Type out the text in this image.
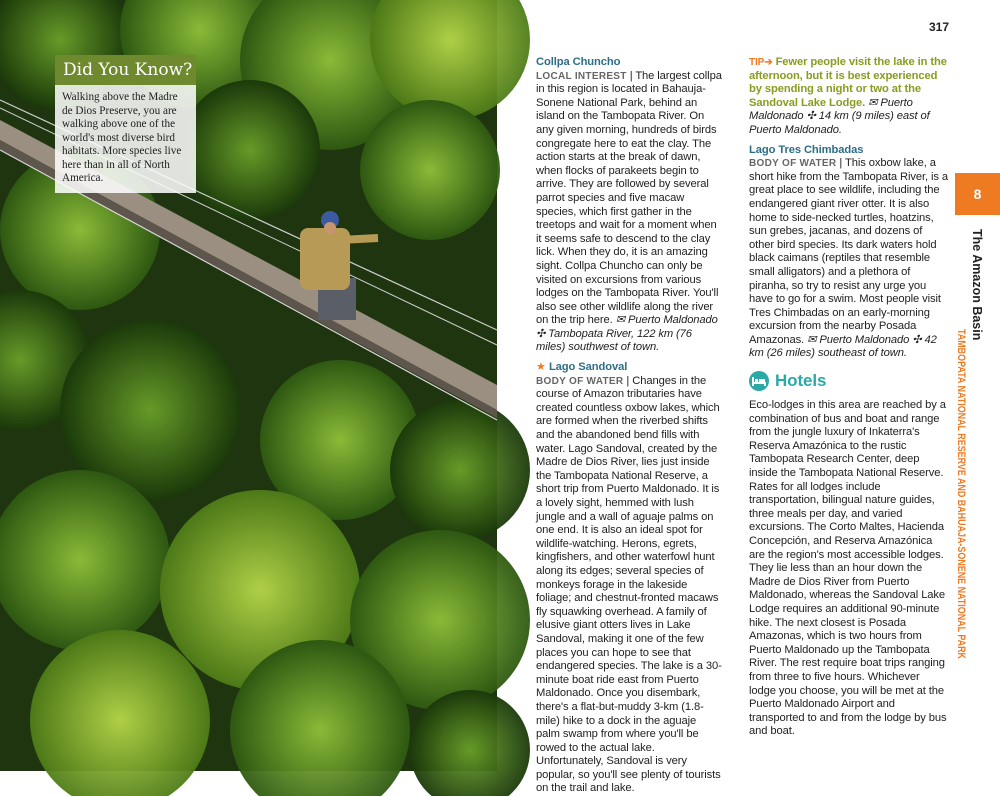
Did You Know?
Walking above the Madre de Dios Preserve, you are walking above one of the world's most diverse bird habitats. More species live here than in all of North America.
317
8
The Amazon Basin
TAMBOPATA NATIONAL RESERVE AND BAHUAJA-SONENE NATIONAL PARK

Collpa Chuncho

LOCAL INTEREST | The largest collpa in this region is located in Bahauja-Sonene National Park, behind an island on the Tambopata River. On any given morning, hundreds of birds congregate here to eat the clay. The action starts at the break of dawn, when flocks of parakeets begin to arrive. They are followed by several parrot species and five macaw species, which first gather in the treetops and wait for a moment when it seems safe to descend to the clay lick. When they do, it is an amazing sight. Collpa Chuncho can only be visited on excursions from various lodges on the Tambopata River. You'll also see other wildlife along the river on the trip here. ✉ Puerto Maldonado ✣ Tambopata River, 122 km (76 miles) southwest of town.

★ Lago Sandoval

BODY OF WATER | Changes in the course of Amazon tributaries have created countless oxbow lakes, which are formed when the riverbed shifts and the abandoned bend fills with water. Lago Sandoval, created by the Madre de Dios River, lies just inside the Tambopata National Reserve, a short trip from Puerto Maldonado. It is a lovely sight, hemmed with lush jungle and a wall of aguaje palms on one end. It is also an ideal spot for wildlife-watching. Herons, egrets, kingfishers, and other waterfowl hunt along its edges; several species of monkeys forage in the lakeside foliage; and chestnut-fronted macaws fly squawking overhead. A family of elusive giant otters lives in Lake Sandoval, making it one of the few places you can hope to see that endangered species. The lake is a 30-minute boat ride east from Puerto Maldonado. Once you disembark, there's a flat-but-muddy 3-km (1.8-mile) hike to a dock in the aguaje palm swamp from where you'll be rowed to the actual lake. Unfortunately, Sandoval is very popular, so you'll see plenty of tourists on the trail and lake.

TIP➔ Fewer people visit the lake in the afternoon, but it is best experienced by spending a night or two at the Sandoval Lake Lodge. ✉ Puerto Maldonado ✣ 14 km (9 miles) east of Puerto Maldonado.

Lago Tres Chimbadas

BODY OF WATER | This oxbow lake, a short hike from the Tambopata River, is a great place to see wildlife, including the endangered giant river otter. It is also home to side-necked turtles, hoatzins, sun grebes, jacanas, and dozens of other bird species. Its dark waters hold black caimans (reptiles that resemble small alligators) and a plethora of piranha, so try to resist any urge you have to go for a swim. Most people visit Tres Chimbadas on an early-morning excursion from the nearby Posada Amazonas. ✉ Puerto Maldonado ✣ 42 km (26 miles) southeast of town.

Hotels

Eco-lodges in this area are reached by a combination of bus and boat and range from the jungle luxury of Inkaterra's Reserva Amazónica to the rustic Tambopata Research Center, deep inside the Tambopata National Reserve. Rates for all lodges include transportation, bilingual nature guides, three meals per day, and varied excursions. The Corto Maltes, Hacienda Concepción, and Reserva Amazónica are the region's most accessible lodges. They lie less than an hour down the Madre de Dios River from Puerto Maldonado, whereas the Sandoval Lake Lodge requires an additional 90-minute hike. The next closest is Posada Amazonas, which is two hours from Puerto Maldonado up the Tambopata River. The rest require boat trips ranging from three to five hours. Whichever lodge you choose, you will be met at the Puerto Maldonado Airport and transported to and from the lodge by bus and boat.
